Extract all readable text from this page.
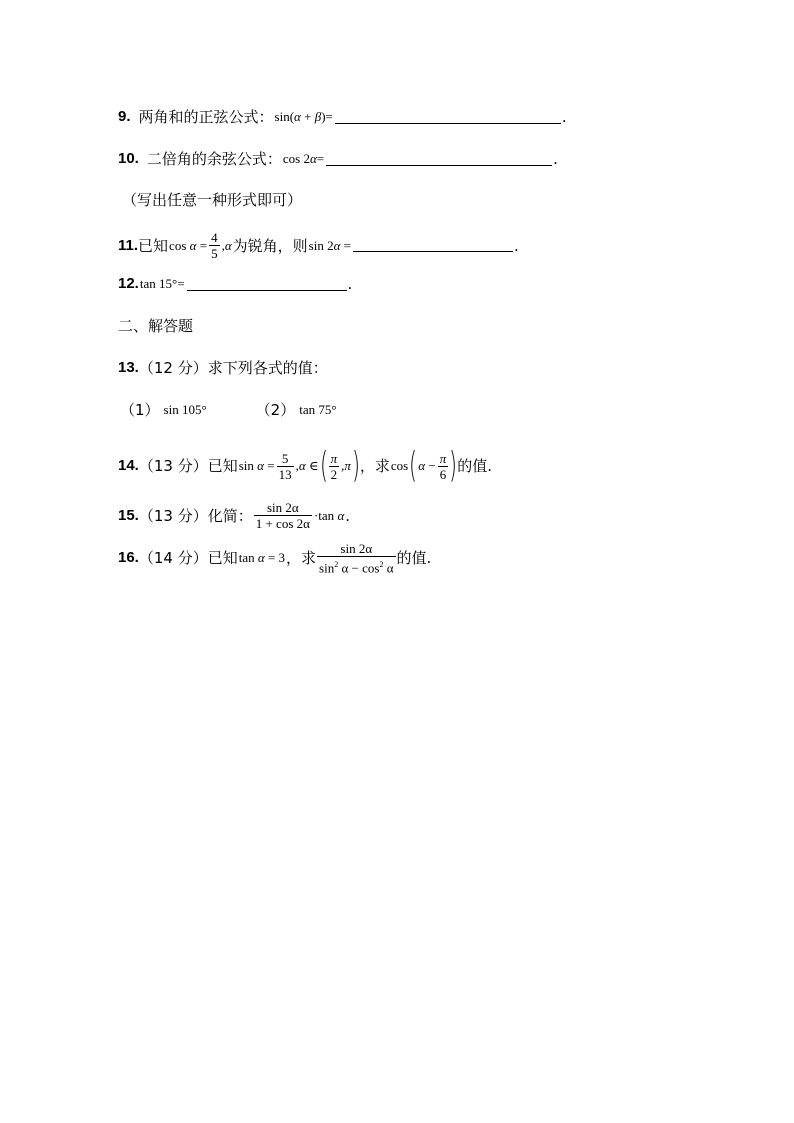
9. 两角和的正弦公式： sin(α + β)=	.
10. 二倍角的余弦公式： cos 2α=	.
（写出任意一种形式即可）
11. 已知 $\cos \alpha = \frac{4}{5} ,\alpha$ 为锐角，则 sin 2α =	.
12. tan 15°=	.
二、解答题
13. （12 分）求下列各式的值：
（1） sin 105°	（2） tan 75°
14. （13 分）已知 $\sin \alpha = \frac{5}{13} ,\alpha$ ∈ ( $\frac{\pi}{2} ,\pi$ ) ，求 cos ( $\alpha - \frac{\pi}{6}$ ) 的值.
15. （13 分）化简： $\frac{\sin 2\alpha}{1 + \cos 2\alpha} \cdot\tan$ α .
16. （14 分）已知 tan α = 3 ，求 $\frac{\sin 2\alpha}{\sin^2 \alpha - \cos^2 \alpha}$ 的值.
